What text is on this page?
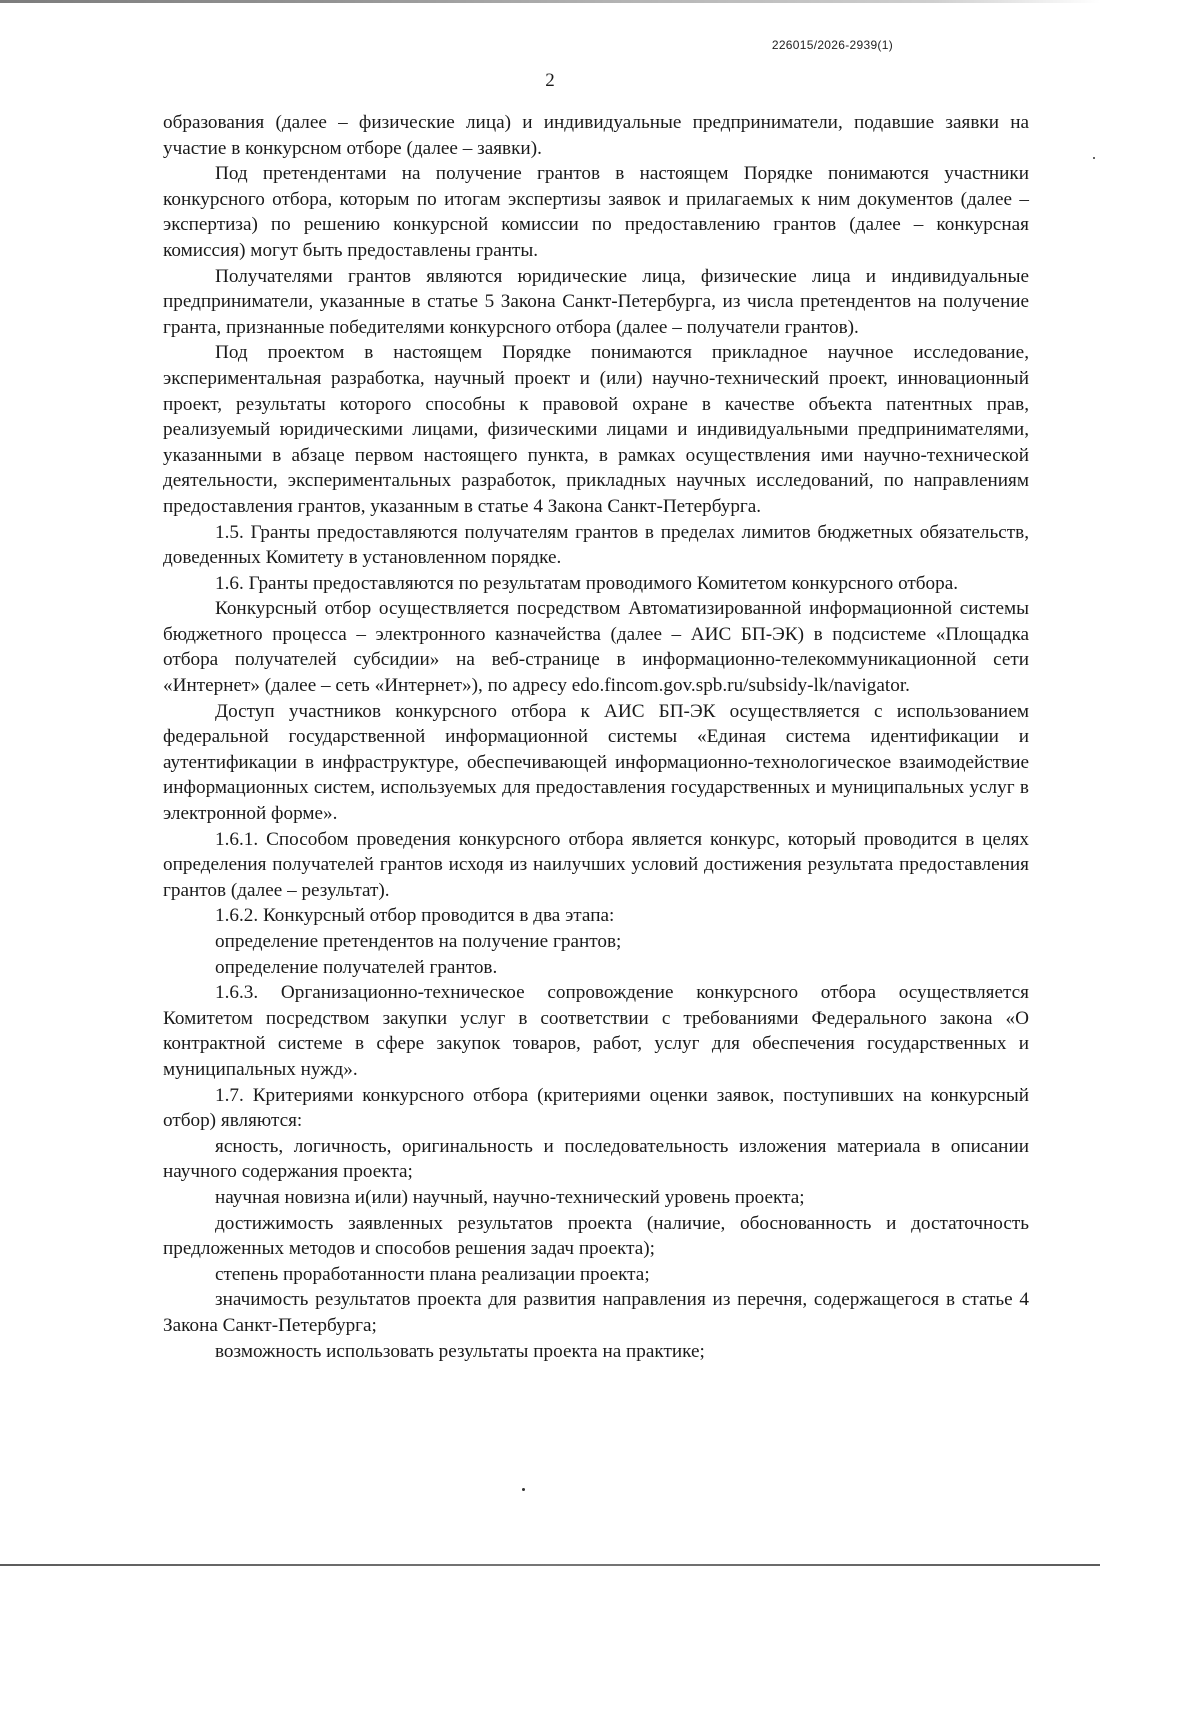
226015/2026-2939(1)
2

образования (далее – физические лица) и индивидуальные предприниматели, подавшие заявки на участие в конкурсном отборе (далее – заявки).

Под претендентами на получение грантов в настоящем Порядке понимаются участники конкурсного отбора, которым по итогам экспертизы заявок и прилагаемых к ним документов (далее – экспертиза) по решению конкурсной комиссии по предоставлению грантов (далее – конкурсная комиссия) могут быть предоставлены гранты.

Получателями грантов являются юридические лица, физические лица и индивидуальные предприниматели, указанные в статье 5 Закона Санкт-Петербурга, из числа претендентов на получение гранта, признанные победителями конкурсного отбора (далее – получатели грантов).

Под проектом в настоящем Порядке понимаются прикладное научное исследование, экспериментальная разработка, научный проект и (или) научно-технический проект, инновационный проект, результаты которого способны к правовой охране в качестве объекта патентных прав, реализуемый юридическими лицами, физическими лицами и индивидуальными предпринимателями, указанными в абзаце первом настоящего пункта, в рамках осуществления ими научно-технической деятельности, экспериментальных разработок, прикладных научных исследований, по направлениям предоставления грантов, указанным в статье 4 Закона Санкт-Петербурга.

1.5. Гранты предоставляются получателям грантов в пределах лимитов бюджетных обязательств, доведенных Комитету в установленном порядке.

1.6. Гранты предоставляются по результатам проводимого Комитетом конкурсного отбора.

Конкурсный отбор осуществляется посредством Автоматизированной информационной системы бюджетного процесса – электронного казначейства (далее – АИС БП-ЭК) в подсистеме «Площадка отбора получателей субсидии» на веб-странице в информационно-телекоммуникационной сети «Интернет» (далее – сеть «Интернет»), по адресу edo.fincom.gov.spb.ru/subsidy-lk/navigator.

Доступ участников конкурсного отбора к АИС БП-ЭК осуществляется с использованием федеральной государственной информационной системы «Единая система идентификации и аутентификации в инфраструктуре, обеспечивающей информационно-технологическое взаимодействие информационных систем, используемых для предоставления государственных и муниципальных услуг в электронной форме».

1.6.1. Способом проведения конкурсного отбора является конкурс, который проводится в целях определения получателей грантов исходя из наилучших условий достижения результата предоставления грантов (далее – результат).

1.6.2. Конкурсный отбор проводится в два этапа:

определение претендентов на получение грантов;

определение получателей грантов.

1.6.3. Организационно-техническое сопровождение конкурсного отбора осуществляется Комитетом посредством закупки услуг в соответствии с требованиями Федерального закона «О контрактной системе в сфере закупок товаров, работ, услуг для обеспечения государственных и муниципальных нужд».

1.7. Критериями конкурсного отбора (критериями оценки заявок, поступивших на конкурсный отбор) являются:

ясность, логичность, оригинальность и последовательность изложения материала в описании научного содержания проекта;

научная новизна и(или) научный, научно-технический уровень проекта;

достижимость заявленных результатов проекта (наличие, обоснованность и достаточность предложенных методов и способов решения задач проекта);

степень проработанности плана реализации проекта;

значимость результатов проекта для развития направления из перечня, содержащегося в статье 4 Закона Санкт-Петербурга;

возможность использовать результаты проекта на практике;
